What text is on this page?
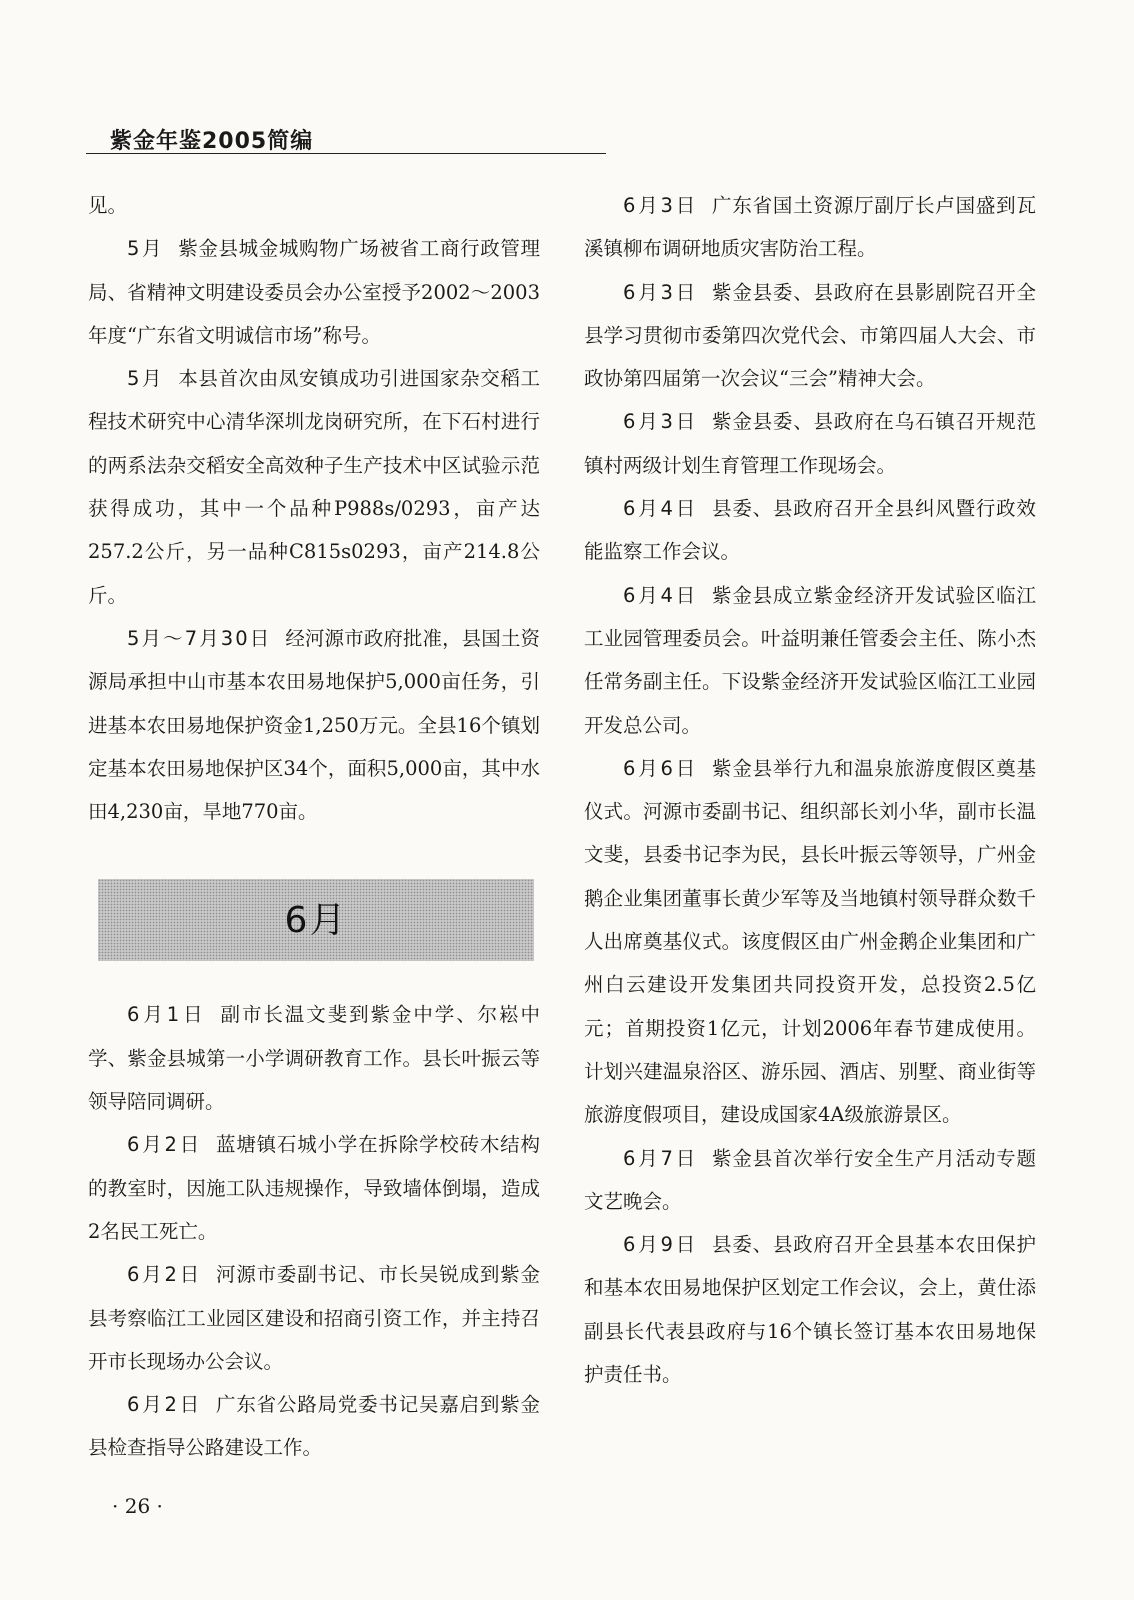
紫金年鉴2005简编

见。

5月 紫金县城金城购物广场被省工商行政管理局、省精神文明建设委员会办公室授予2002～2003年度“广东省文明诚信市场”称号。

5月 本县首次由凤安镇成功引进国家杂交稻工程技术研究中心清华深圳龙岗研究所，在下石村进行的两系法杂交稻安全高效种子生产技术中区试验示范获得成功，其中一个品种P988s/0293，亩产达257.2公斤，另一品种C815s0293，亩产214.8公斤。

5月～7月30日 经河源市政府批准，县国土资源局承担中山市基本农田易地保护5,000亩任务，引进基本农田易地保护资金1,250万元。全县16个镇划定基本农田易地保护区34个，面积5,000亩，其中水田4,230亩，旱地770亩。

6月

6月1日 副市长温文斐到紫金中学、尔崧中学、紫金县城第一小学调研教育工作。县长叶振云等领导陪同调研。

6月2日 蓝塘镇石城小学在拆除学校砖木结构的教室时，因施工队违规操作，导致墙体倒塌，造成2名民工死亡。

6月2日 河源市委副书记、市长吴锐成到紫金县考察临江工业园区建设和招商引资工作，并主持召开市长现场办公会议。

6月2日 广东省公路局党委书记吴嘉启到紫金县检查指导公路建设工作。

6月3日 广东省国土资源厅副厅长卢国盛到瓦溪镇柳布调研地质灾害防治工程。

6月3日 紫金县委、县政府在县影剧院召开全县学习贯彻市委第四次党代会、市第四届人大会、市政协第四届第一次会议“三会”精神大会。

6月3日 紫金县委、县政府在乌石镇召开规范镇村两级计划生育管理工作现场会。

6月4日 县委、县政府召开全县纠风暨行政效能监察工作会议。

6月4日 紫金县成立紫金经济开发试验区临江工业园管理委员会。叶益明兼任管委会主任、陈小杰任常务副主任。下设紫金经济开发试验区临江工业园开发总公司。

6月6日 紫金县举行九和温泉旅游度假区奠基仪式。河源市委副书记、组织部长刘小华，副市长温文斐，县委书记李为民，县长叶振云等领导，广州金鹅企业集团董事长黄少军等及当地镇村领导群众数千人出席奠基仪式。该度假区由广州金鹅企业集团和广州白云建设开发集团共同投资开发，总投资2.5亿元；首期投资1亿元，计划2006年春节建成使用。计划兴建温泉浴区、游乐园、酒店、别墅、商业街等旅游度假项目，建设成国家4A级旅游景区。

6月7日 紫金县首次举行安全生产月活动专题文艺晚会。

6月9日 县委、县政府召开全县基本农田保护和基本农田易地保护区划定工作会议，会上，黄仕添副县长代表县政府与16个镇长签订基本农田易地保护责任书。

· 26 ·
